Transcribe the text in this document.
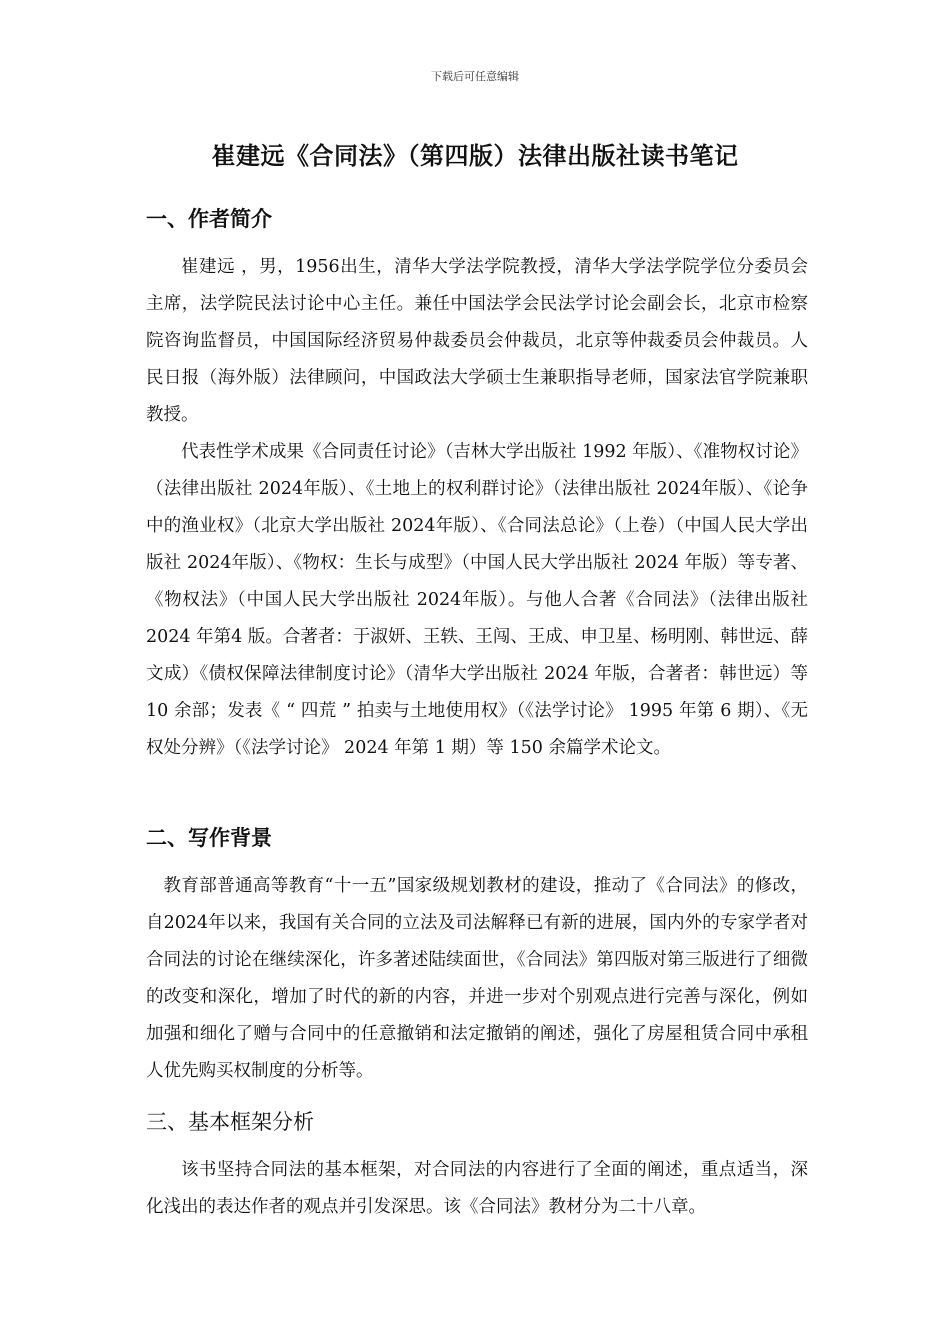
下载后可任意编辑
崔建远《合同法》（第四版）法律出版社读书笔记
一、作者简介

崔建远 ，男，1956出生，清华大学法学院教授，清华大学法学院学位分委员会主席，法学院民法讨论中心主任。兼任中国法学会民法学讨论会副会长，北京市检察院咨询监督员，中国国际经济贸易仲裁委员会仲裁员，北京等仲裁委员会仲裁员。人民日报（海外版）法律顾问，中国政法大学硕士生兼职指导老师，国家法官学院兼职教授。

代表性学术成果《合同责任讨论》（吉林大学出版社 1992 年版）、《准物权讨论》（法律出版社 2024年版）、《土地上的权利群讨论》（法律出版社 2024年版）、《论争中的渔业权》（北京大学出版社 2024年版）、《合同法总论》（上卷）（中国人民大学出版社 2024年版）、《物权：生长与成型》（中国人民大学出版社 2024 年版）等专著、《物权法》（中国人民大学出版社 2024年版）。与他人合著《合同法》（法律出版社 2024 年第4 版。合著者：于淑妍、王轶、王闯、王成、申卫星、杨明刚、韩世远、薛文成）《债权保障法律制度讨论》（清华大学出版社 2024 年版，合著者：韩世远）等 10 余部；发表《 “ 四荒 ” 拍卖与土地使用权》（《法学讨论》 1995 年第 6 期）、《无权处分辨》（《法学讨论》 2024 年第 1 期）等 150 余篇学术论文。

二、写作背景

教育部普通高等教育“十一五”国家级规划教材的建设，推动了《合同法》的修改，自2024年以来，我国有关合同的立法及司法解释已有新的进展，国内外的专家学者对合同法的讨论在继续深化，许多著述陆续面世，《合同法》第四版对第三版进行了细微的改变和深化，增加了时代的新的内容，并进一步对个别观点进行完善与深化，例如加强和细化了赠与合同中的任意撤销和法定撤销的阐述，强化了房屋租赁合同中承租人优先购买权制度的分析等。

三、基本框架分析

该书坚持合同法的基本框架，对合同法的内容进行了全面的阐述，重点适当，深化浅出的表达作者的观点并引发深思。该《合同法》教材分为二十八章。
